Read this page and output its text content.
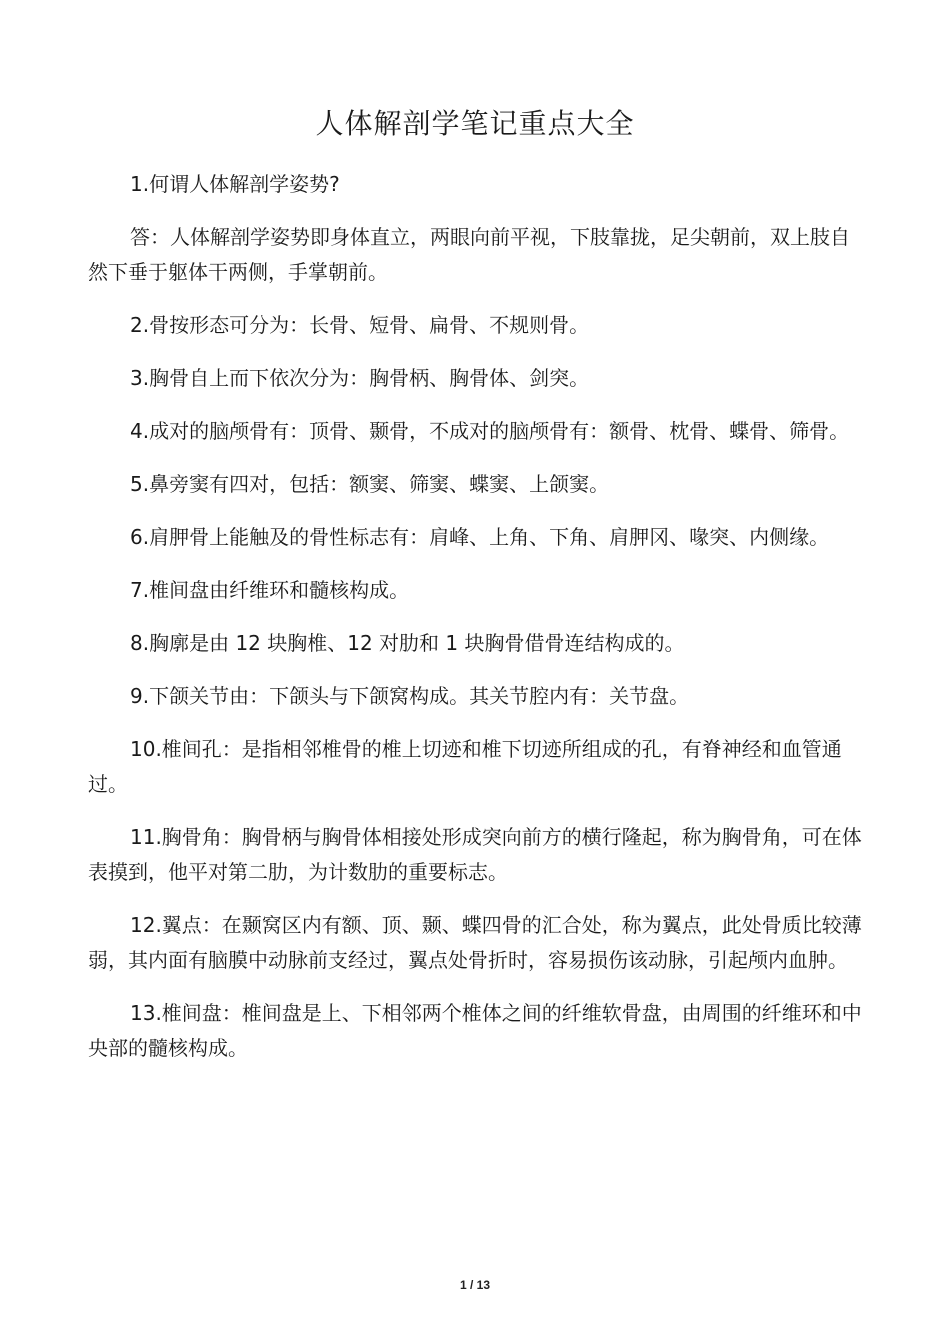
人体解剖学笔记重点大全

1.何谓人体解剖学姿势?

答：人体解剖学姿势即身体直立，两眼向前平视，下肢靠拢，足尖朝前，双上肢自然下垂于躯体干两侧，手掌朝前。

2.骨按形态可分为：长骨、短骨、扁骨、不规则骨。

3.胸骨自上而下依次分为：胸骨柄、胸骨体、剑突。

4.成对的脑颅骨有：顶骨、颞骨，不成对的脑颅骨有：额骨、枕骨、蝶骨、筛骨。

5.鼻旁窦有四对，包括：额窦、筛窦、蝶窦、上颌窦。

6.肩胛骨上能触及的骨性标志有：肩峰、上角、下角、肩胛冈、喙突、内侧缘。

7.椎间盘由纤维环和髓核构成。

8.胸廓是由 12 块胸椎、12 对肋和 1 块胸骨借骨连结构成的。

9.下颌关节由：下颌头与下颌窝构成。其关节腔内有：关节盘。

10.椎间孔：是指相邻椎骨的椎上切迹和椎下切迹所组成的孔，有脊神经和血管通过。

11.胸骨角：胸骨柄与胸骨体相接处形成突向前方的横行隆起，称为胸骨角，可在体表摸到，他平对第二肋，为计数肋的重要标志。

12.翼点：在颞窝区内有额、顶、颞、蝶四骨的汇合处，称为翼点，此处骨质比较薄弱，其内面有脑膜中动脉前支经过，翼点处骨折时，容易损伤该动脉，引起颅内血肿。

13.椎间盘：椎间盘是上、下相邻两个椎体之间的纤维软骨盘，由周围的纤维环和中央部的髓核构成。

1 / 13
